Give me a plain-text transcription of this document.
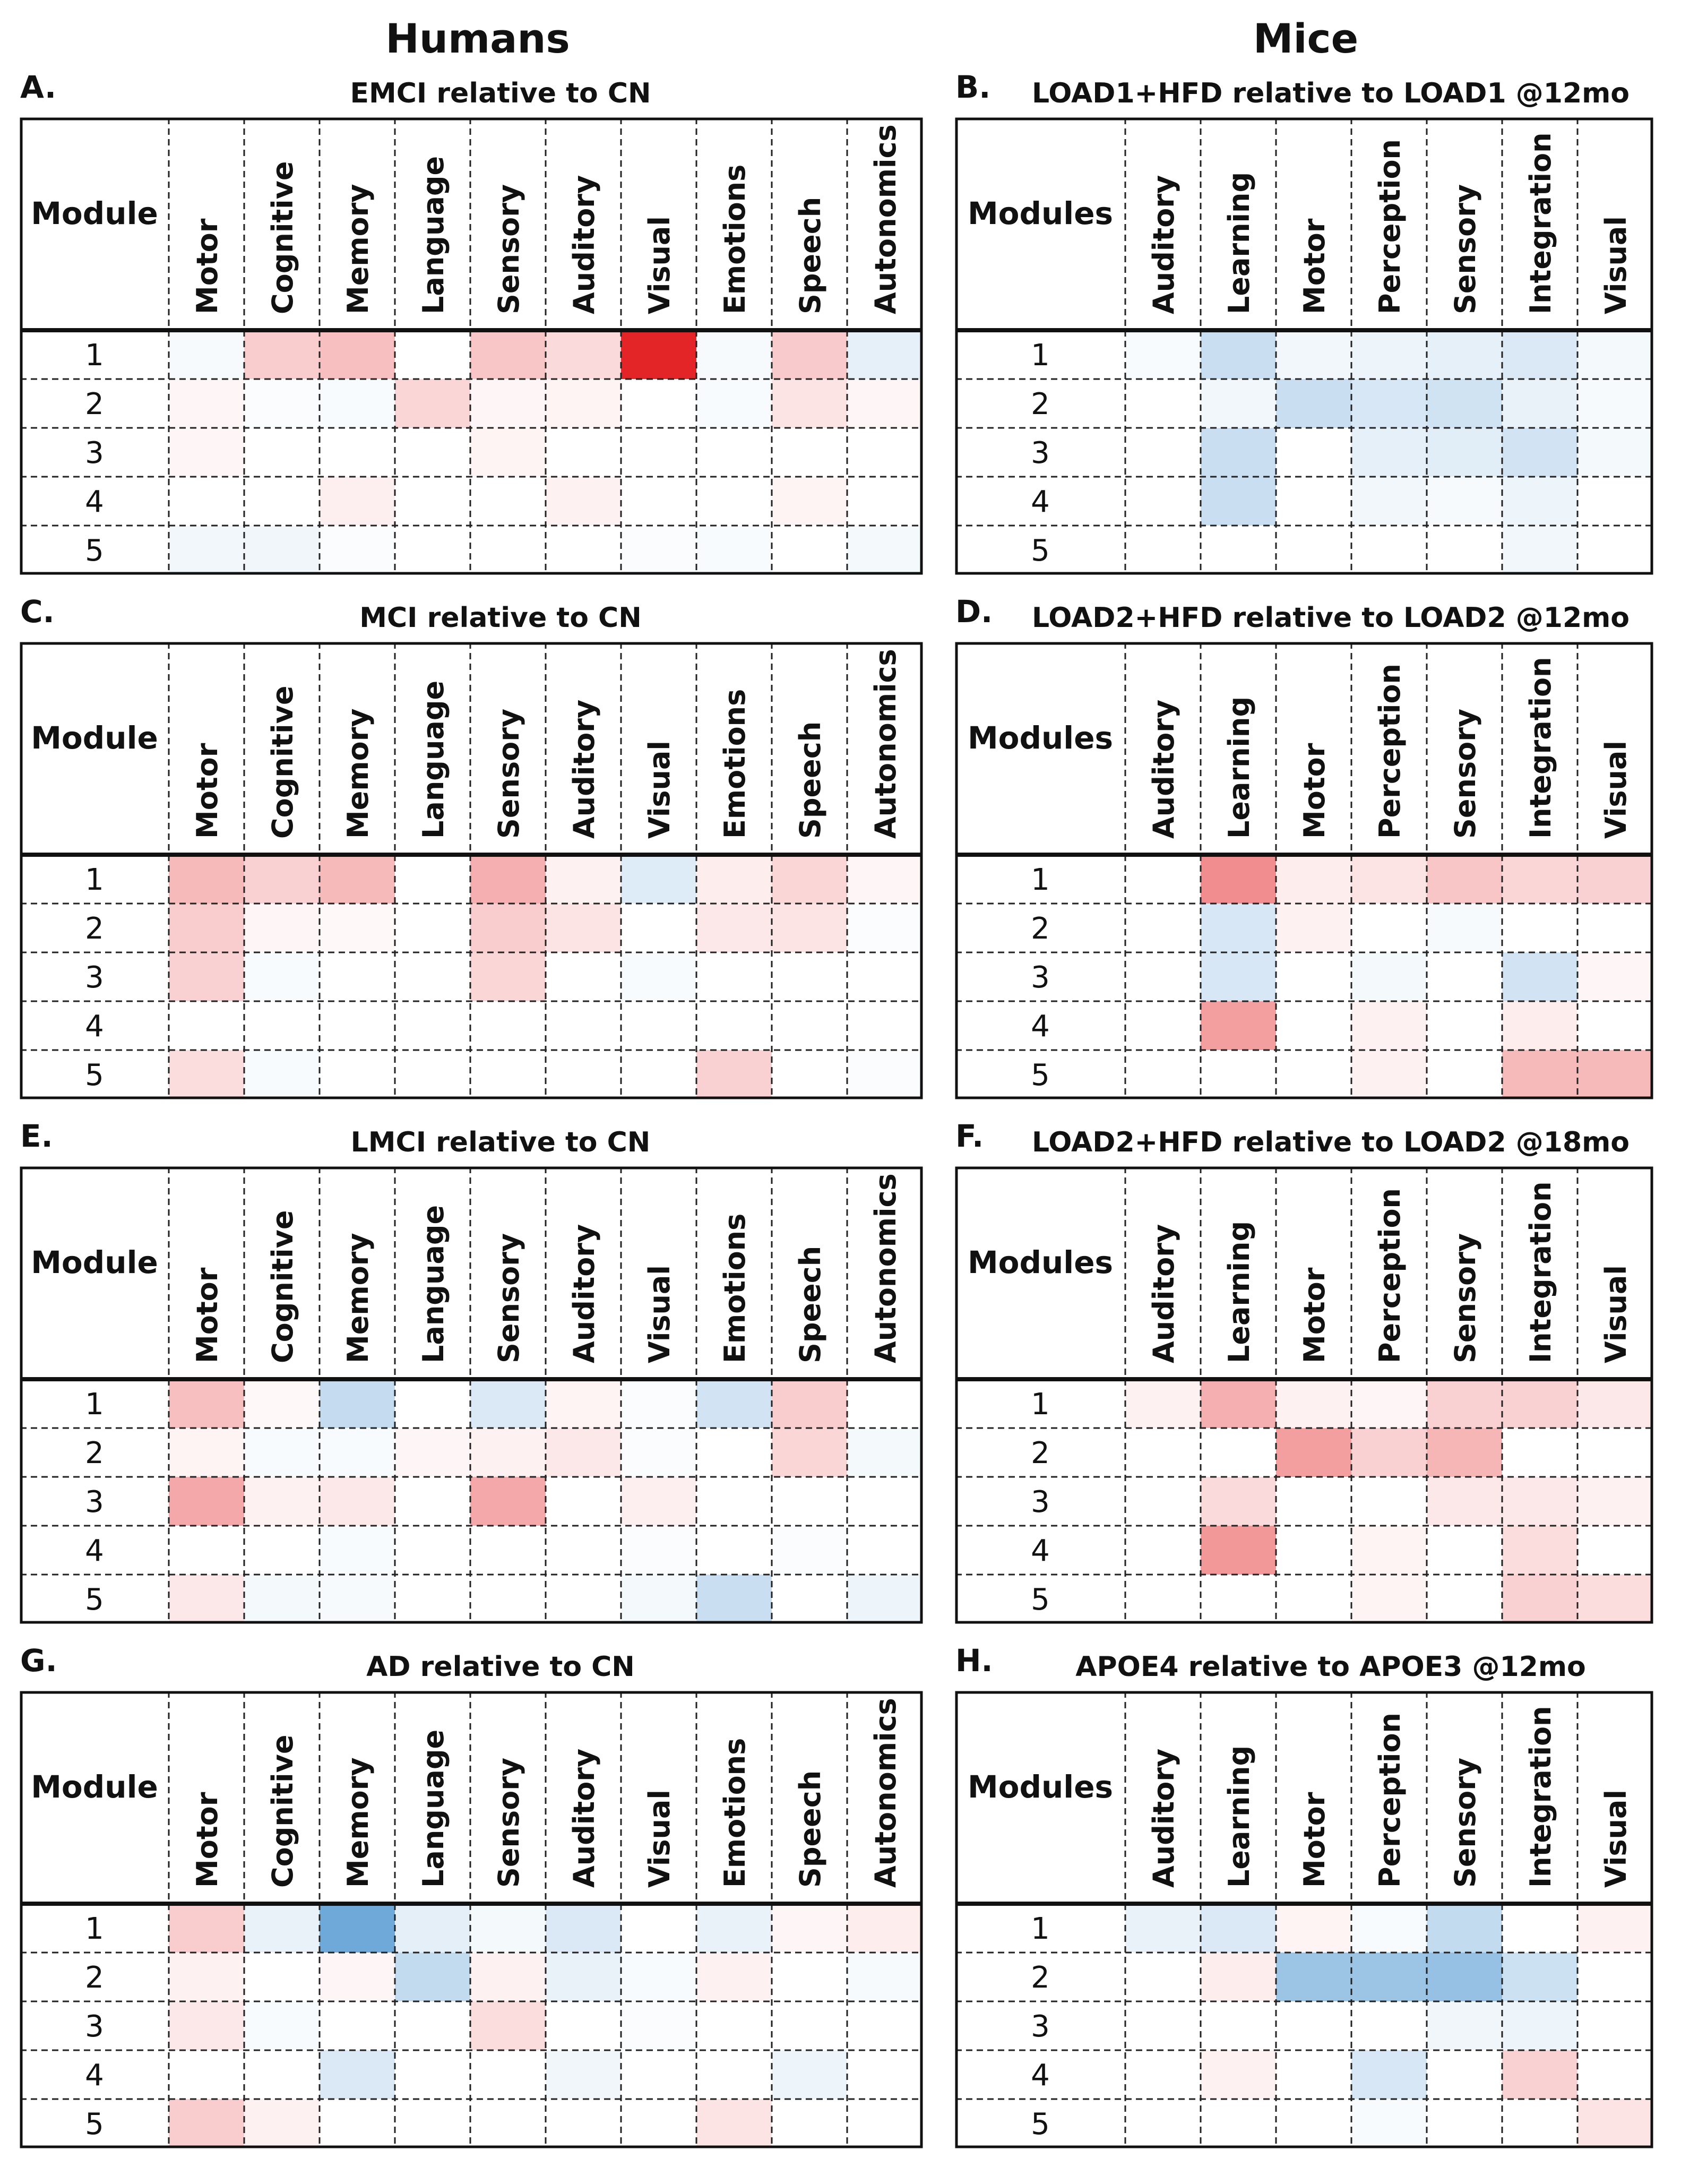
Humans	Mice
A.	EMCI relative to CN
Module
Motor Cognitive Memory Language Sensory Auditory Visual Emotions Speech Autonomics
1
2
3
4
5
B.	LOAD1+HFD relative to LOAD1 @12mo
Modules Auditory Learning Motor Perception Sensory Integration Visual
1
2
3
4
5
C.	MCI relative to CN
Module
Motor Cognitive Memory Language Sensory Auditory Visual Emotions Speech Autonomics
1
2
3
4
5
D.	LOAD2+HFD relative to LOAD2 @12mo
Modules Auditory Learning Motor Perception Sensory Integration Visual
1
2
3
4
5
E.	LMCI relative to CN
Module
Motor Cognitive Memory Language Sensory Auditory Visual Emotions Speech Autonomics
1
2
3
4
5
F.	LOAD2+HFD relative to LOAD2 @18mo
Modules Auditory Learning Motor Perception Sensory Integration Visual
1
2
3
4
5
G.	AD relative to CN
Module
Motor Cognitive Memory Language Sensory Auditory Visual Emotions Speech Autonomics
1
2
3
4
5
H.	APOE4 relative to APOE3 @12mo
Modules Auditory Learning Motor Perception Sensory Integration Visual
1
2
3
4
5
